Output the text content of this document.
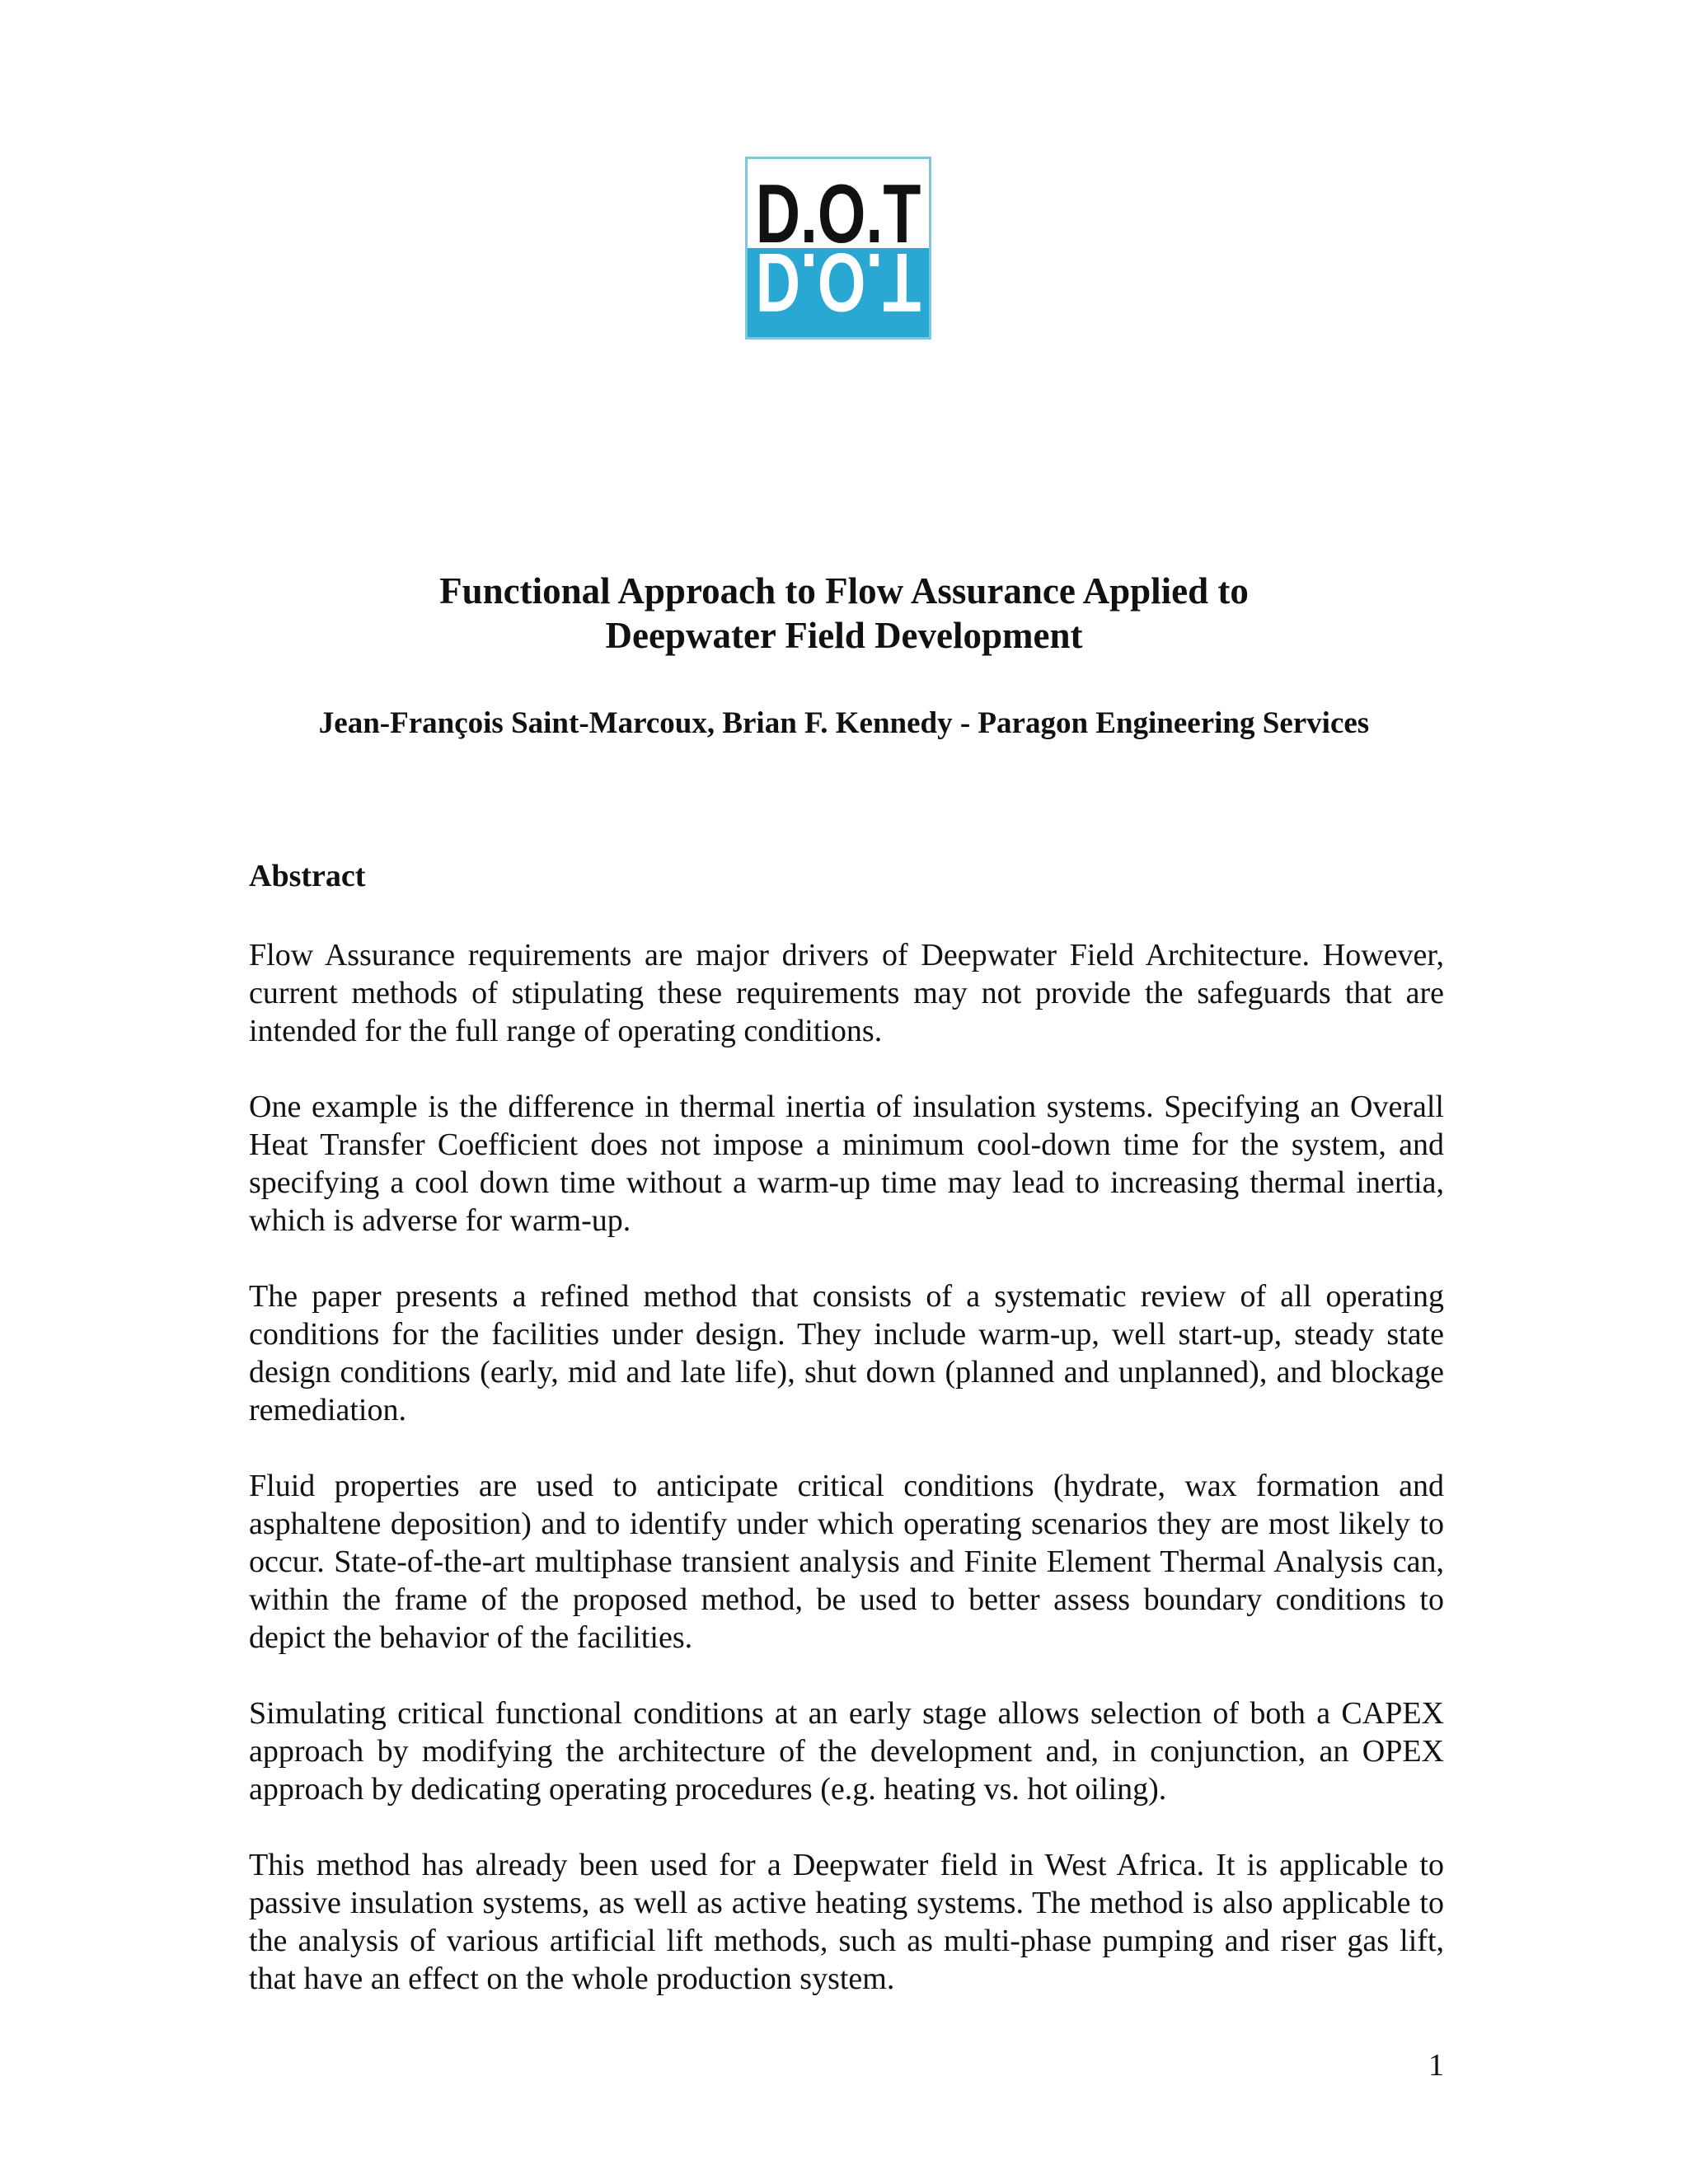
D.O.T
D.O.T
Functional Approach to Flow Assurance Applied to
Deepwater Field Development
Jean-François Saint-Marcoux, Brian F. Kennedy - Paragon Engineering Services
Abstract

Flow Assurance requirements are major drivers of Deepwater Field Architecture. However, current methods of stipulating these requirements may not provide the safeguards that are intended for the full range of operating conditions.

One example is the difference in thermal inertia of insulation systems. Specifying an Overall Heat Transfer Coefficient does not impose a minimum cool-down time for the system, and specifying a cool down time without a warm-up time may lead to increasing thermal inertia, which is adverse for warm-up.

The paper presents a refined method that consists of a systematic review of all operating conditions for the facilities under design. They include warm-up, well start-up, steady state design conditions (early, mid and late life), shut down (planned and unplanned), and blockage remediation.

Fluid properties are used to anticipate critical conditions (hydrate, wax formation and asphaltene deposition) and to identify under which operating scenarios they are most likely to occur. State-of-the-art multiphase transient analysis and Finite Element Thermal Analysis can, within the frame of the proposed method, be used to better assess boundary conditions to depict the behavior of the facilities.

Simulating critical functional conditions at an early stage allows selection of both a CAPEX approach by modifying the architecture of the development and, in conjunction, an OPEX approach by dedicating operating procedures (e.g. heating vs. hot oiling).

This method has already been used for a Deepwater field in West Africa. It is applicable to passive insulation systems, as well as active heating systems. The method is also applicable to the analysis of various artificial lift methods, such as multi-phase pumping and riser gas lift, that have an effect on the whole production system.

1
